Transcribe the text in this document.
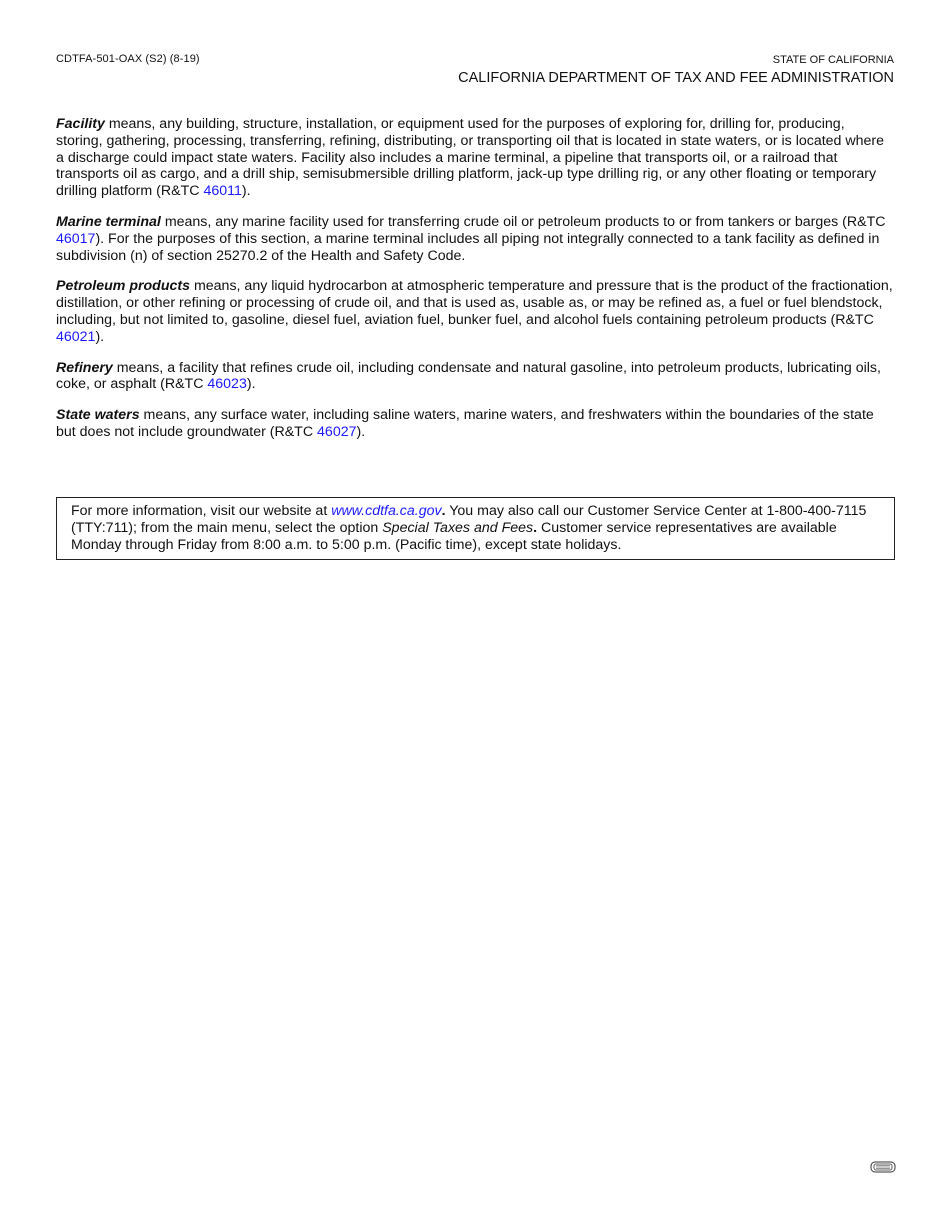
CDTFA-501-OAX (S2) (8-19)	STATE OF CALIFORNIA
CALIFORNIA DEPARTMENT OF TAX AND FEE ADMINISTRATION

Facility means, any building, structure, installation, or equipment used for the purposes of exploring for, drilling for, producing, storing, gathering, processing, transferring, refining, distributing, or transporting oil that is located in state waters, or is located where a discharge could impact state waters. Facility also includes a marine terminal, a pipeline that transports oil, or a railroad that transports oil as cargo, and a drill ship, semisubmersible drilling platform, jack-up type drilling rig, or any other floating or temporary drilling platform (R&TC 46011).

Marine terminal means, any marine facility used for transferring crude oil or petroleum products to or from tankers or barges (R&TC 46017). For the purposes of this section, a marine terminal includes all piping not integrally connected to a tank facility as defined in subdivision (n) of section 25270.2 of the Health and Safety Code.

Petroleum products means, any liquid hydrocarbon at atmospheric temperature and pressure that is the product of the fractionation, distillation, or other refining or processing of crude oil, and that is used as, usable as, or may be refined as, a fuel or fuel blendstock, including, but not limited to, gasoline, diesel fuel, aviation fuel, bunker fuel, and alcohol fuels containing petroleum products (R&TC 46021).

Refinery means, a facility that refines crude oil, including condensate and natural gasoline, into petroleum products, lubricating oils, coke, or asphalt (R&TC 46023).

State waters means, any surface water, including saline waters, marine waters, and freshwaters within the boundaries of the state but does not include groundwater (R&TC 46027).

For more information, visit our website at www.cdtfa.ca.gov. You may also call our Customer Service Center at 1-800-400-7115 (TTY:711); from the main menu, select the option Special Taxes and Fees. Customer service representatives are available Monday through Friday from 8:00 a.m. to 5:00 p.m. (Pacific time), except state holidays.
